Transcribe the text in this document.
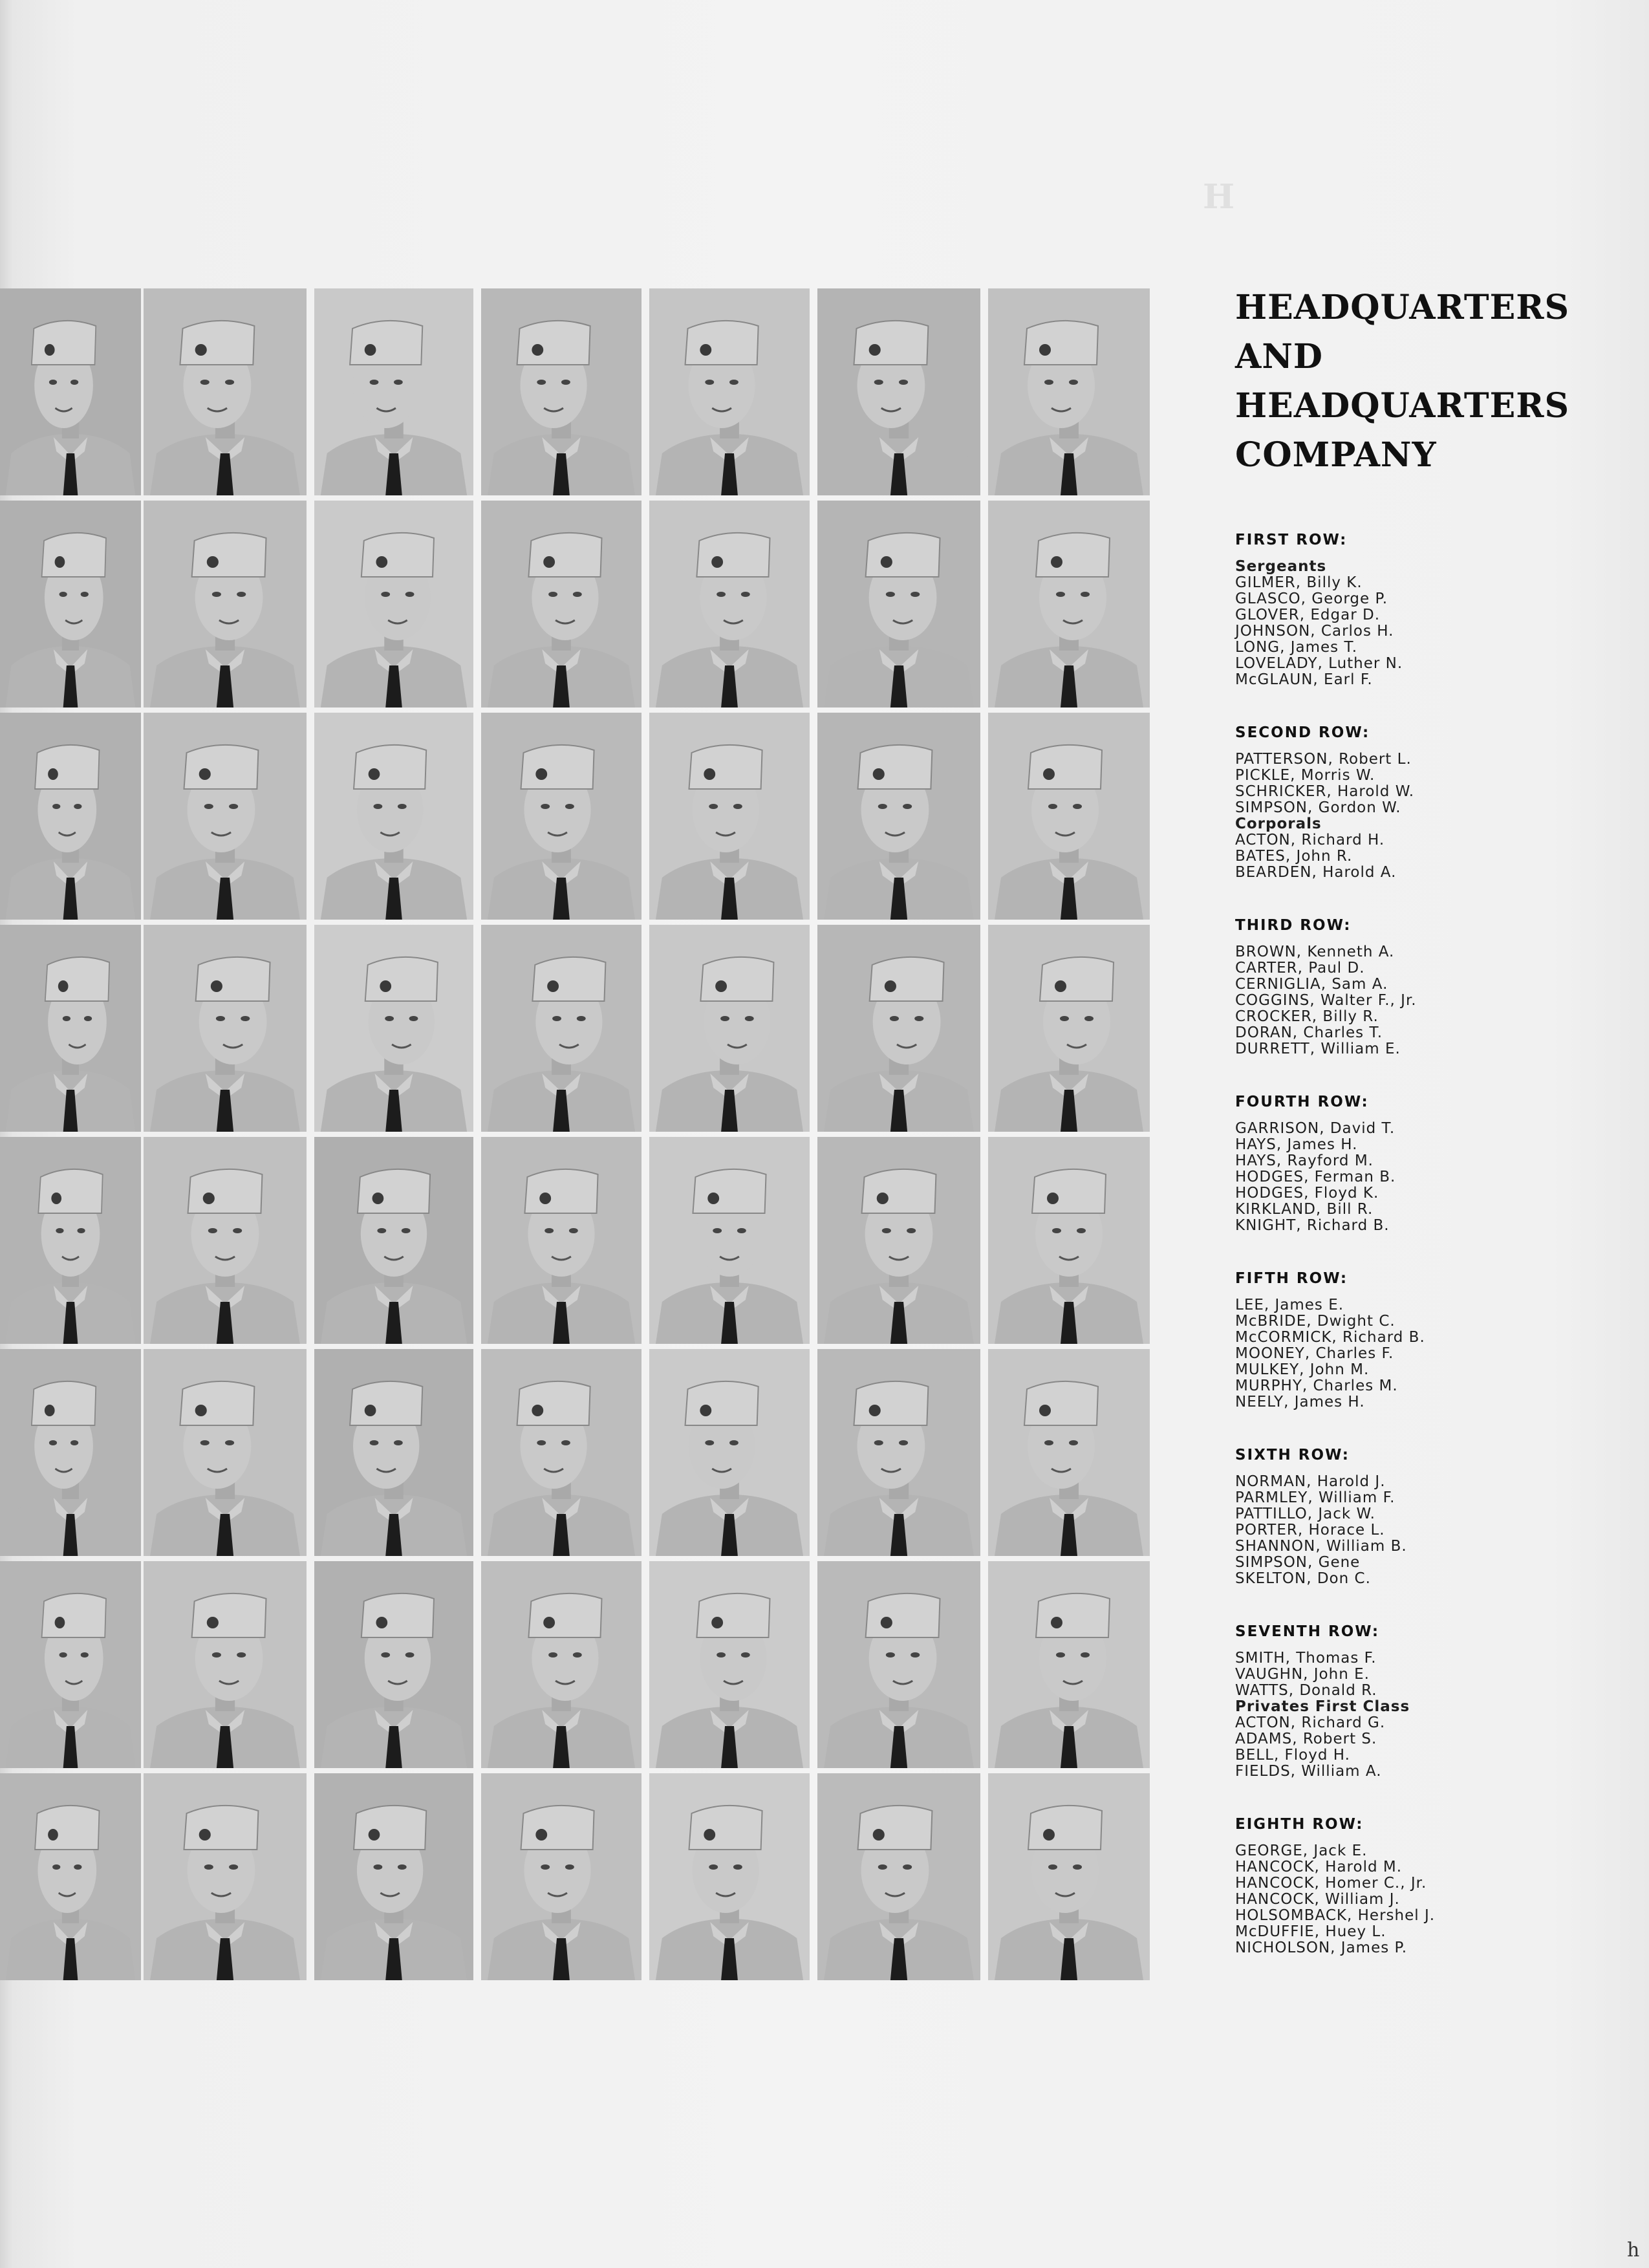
H

HEADQUARTERS
AND
HEADQUARTERS
COMPANY
FIRST ROW:
Sergeants
GILMER, Billy K.
GLASCO, George P.
GLOVER, Edgar D.
JOHNSON, Carlos H.
LONG, James T.
LOVELADY, Luther N.
McGLAUN, Earl F.
SECOND ROW:
PATTERSON, Robert L.
PICKLE, Morris W.
SCHRICKER, Harold W.
SIMPSON, Gordon W.
Corporals
ACTON, Richard H.
BATES, John R.
BEARDEN, Harold A.
THIRD ROW:
BROWN, Kenneth A.
CARTER, Paul D.
CERNIGLIA, Sam A.
COGGINS, Walter F., Jr.
CROCKER, Billy R.
DORAN, Charles T.
DURRETT, William E.
FOURTH ROW:
GARRISON, David T.
HAYS, James H.
HAYS, Rayford M.
HODGES, Ferman B.
HODGES, Floyd K.
KIRKLAND, Bill R.
KNIGHT, Richard B.
FIFTH ROW:
LEE, James E.
McBRIDE, Dwight C.
McCORMICK, Richard B.
MOONEY, Charles F.
MULKEY, John M.
MURPHY, Charles M.
NEELY, James H.
SIXTH ROW:
NORMAN, Harold J.
PARMLEY, William F.
PATTILLO, Jack W.
PORTER, Horace L.
SHANNON, William B.
SIMPSON, Gene
SKELTON, Don C.
SEVENTH ROW:
SMITH, Thomas F.
VAUGHN, John E.
WATTS, Donald R.
Privates First Class
ACTON, Richard G.
ADAMS, Robert S.
BELL, Floyd H.
FIELDS, William A.
EIGHTH ROW:
GEORGE, Jack E.
HANCOCK, Harold M.
HANCOCK, Homer C., Jr.
HANCOCK, William J.
HOLSOMBACK, Hershel J.
McDUFFIE, Huey L.
NICHOLSON, James P.
h
